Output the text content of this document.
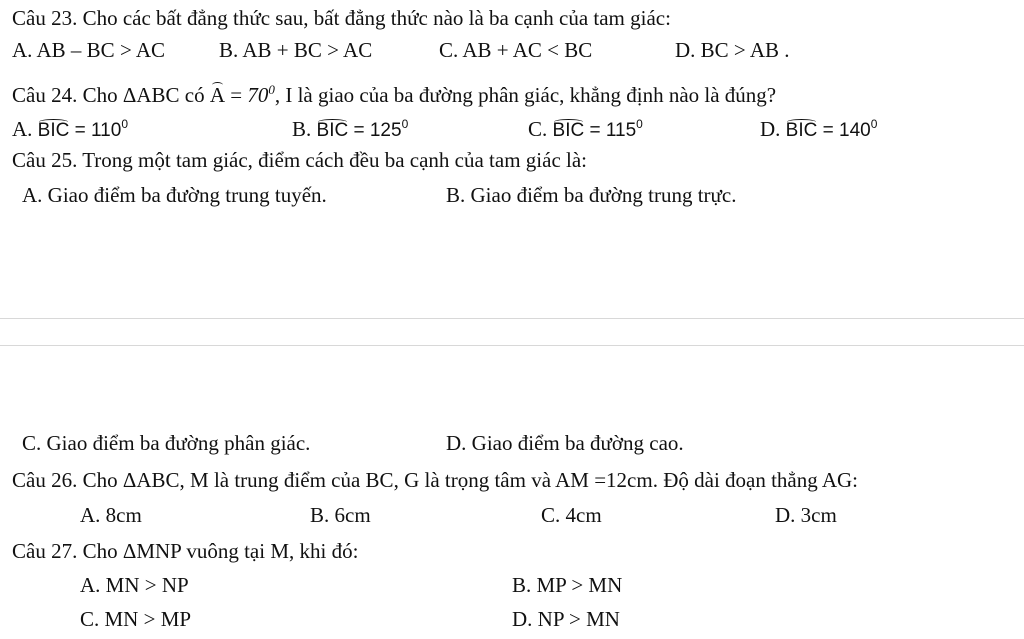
Câu 23. Cho các bất đẳng thức sau, bất đẳng thức nào là ba cạnh của tam giác:
A. AB – BC > AC	B. AB + BC > AC	C. AB + AC < BC	D. BC > AB .
Câu 24. Cho ΔABC có $A = 70^0$, I là giao của ba đường phân giác, khẳng định nào là đúng?
A. BIC = $110^0$	B. BIC = $125^0$	C. BIC = $115^0$	D. BIC = $140^0$
Câu 25. Trong một tam giác, điểm cách đều ba cạnh của tam giác là:
A. Giao điểm ba đường trung tuyến.	B. Giao điểm ba đường trung trực.
C. Giao điểm ba đường phân giác.	D. Giao điểm ba đường cao.
Câu 26. Cho ΔABC, M là trung điểm của BC, G là trọng tâm và AM =12cm. Độ dài đoạn thẳng AG:
A. 8cm	B. 6cm	C. 4cm	D. 3cm
Câu 27. Cho ΔMNP vuông tại M, khi đó:
A. MN > NP	B. MP > MN
C. MN > MP	D. NP > MN
